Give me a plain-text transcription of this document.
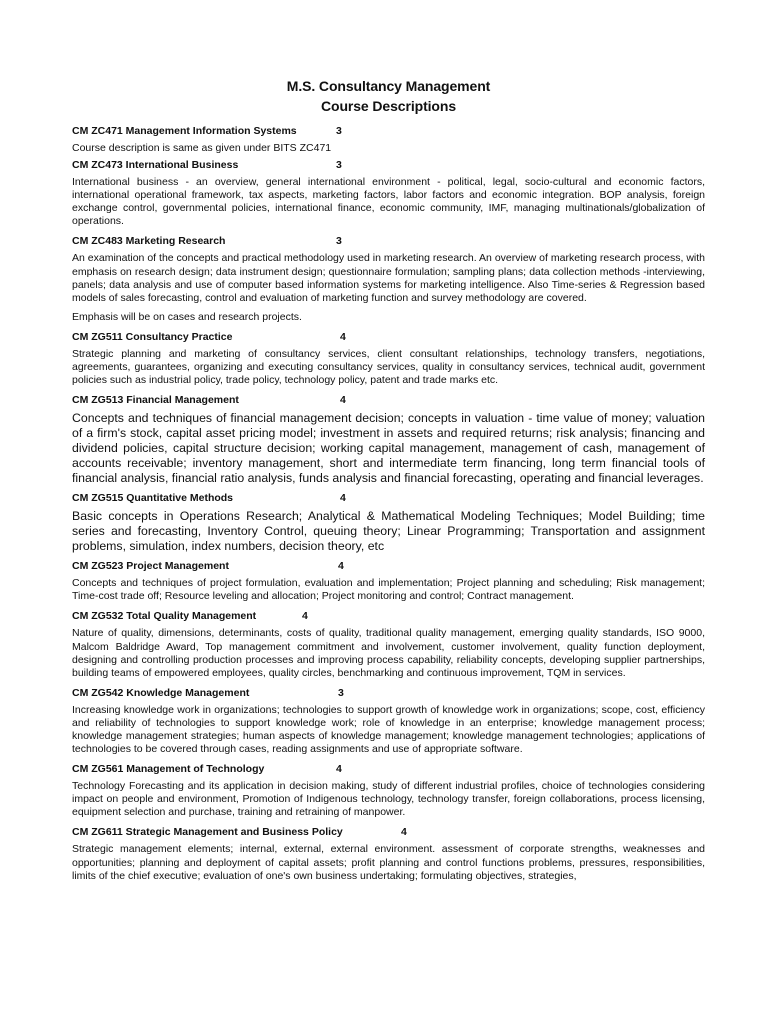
M.S. Consultancy Management
Course Descriptions
CM ZC471 Management Information Systems	3

Course description is same as given under BITS ZC471

CM ZC473 International Business	3

International business - an overview, general international environment - political, legal, socio-cultural and economic factors, international operational framework, tax aspects, marketing factors, labor factors and economic integration. BOP analysis, foreign exchange control, governmental policies, international finance, economic community, IMF, managing multinationals/globalization of operations.

CM ZC483 Marketing Research	3

An examination of the concepts and practical methodology used in marketing research. An overview of marketing research process, with emphasis on research design; data instrument design; questionnaire formulation; sampling plans; data collection methods -interviewing, panels; data analysis and use of computer based information systems for marketing intelligence. Also Time-series & Regression based models of sales forecasting, control and evaluation of marketing function and survey methodology are covered.

Emphasis will be on cases and research projects.

CM ZG511 Consultancy Practice	4

Strategic planning and marketing of consultancy services, client consultant relationships, technology transfers, negotiations, agreements, guarantees, organizing and executing consultancy services, quality in consultancy services, technical audit, government policies such as industrial policy, trade policy, technology policy, patent and trade marks etc.

CM ZG513 Financial Management	4

Concepts and techniques of financial management decision; concepts in valuation - time value of money; valuation of a firm's stock, capital asset pricing model; investment in assets and required returns; risk analysis; financing and dividend policies, capital structure decision; working capital management, management of cash, management of accounts receivable; inventory management, short and intermediate term financing, long term financial tools of financial analysis, financial ratio analysis, funds analysis and financial forecasting, operating and financial leverages.

CM ZG515 Quantitative Methods	4

Basic concepts in Operations Research; Analytical & Mathematical Modeling Techniques; Model Building; time series and forecasting, Inventory Control, queuing theory; Linear Programming; Transportation and assignment problems, simulation, index numbers, decision theory, etc

CM ZG523 Project Management	4

Concepts and techniques of project formulation, evaluation and implementation; Project planning and scheduling; Risk management; Time-cost trade off; Resource leveling and allocation; Project monitoring and control; Contract management.

CM ZG532 Total Quality Management	4

Nature of quality, dimensions, determinants, costs of quality, traditional quality management, emerging quality standards, ISO 9000, Malcom Baldridge Award, Top management commitment and involvement, customer involvement, quality function deployment, designing and controlling production processes and improving process capability, reliability concepts, developing supplier partnerships, building teams of empowered employees, quality circles, benchmarking and continuous improvement, TQM in services.

CM ZG542 Knowledge Management	3

Increasing knowledge work in organizations; technologies to support growth of knowledge work in organizations; scope, cost, efficiency and reliability of technologies to support knowledge work; role of knowledge in an enterprise; knowledge management process; knowledge management strategies; human aspects of knowledge management; knowledge management technologies; applications of technologies to be covered through cases, reading assignments and use of appropriate software.

CM ZG561 Management of Technology	4

Technology Forecasting and its application in decision making, study of different industrial profiles, choice of technologies considering impact on people and environment, Promotion of Indigenous technology, technology transfer, foreign collaborations, process licensing, equipment selection and purchase, training and retraining of manpower.

CM ZG611 Strategic Management and Business Policy	4

Strategic management elements; internal, external, external environment. assessment of corporate strengths, weaknesses and opportunities; planning and deployment of capital assets; profit planning and control functions problems, pressures, responsibilities, limits of the chief executive; evaluation of one's own business undertaking; formulating objectives, strategies,
